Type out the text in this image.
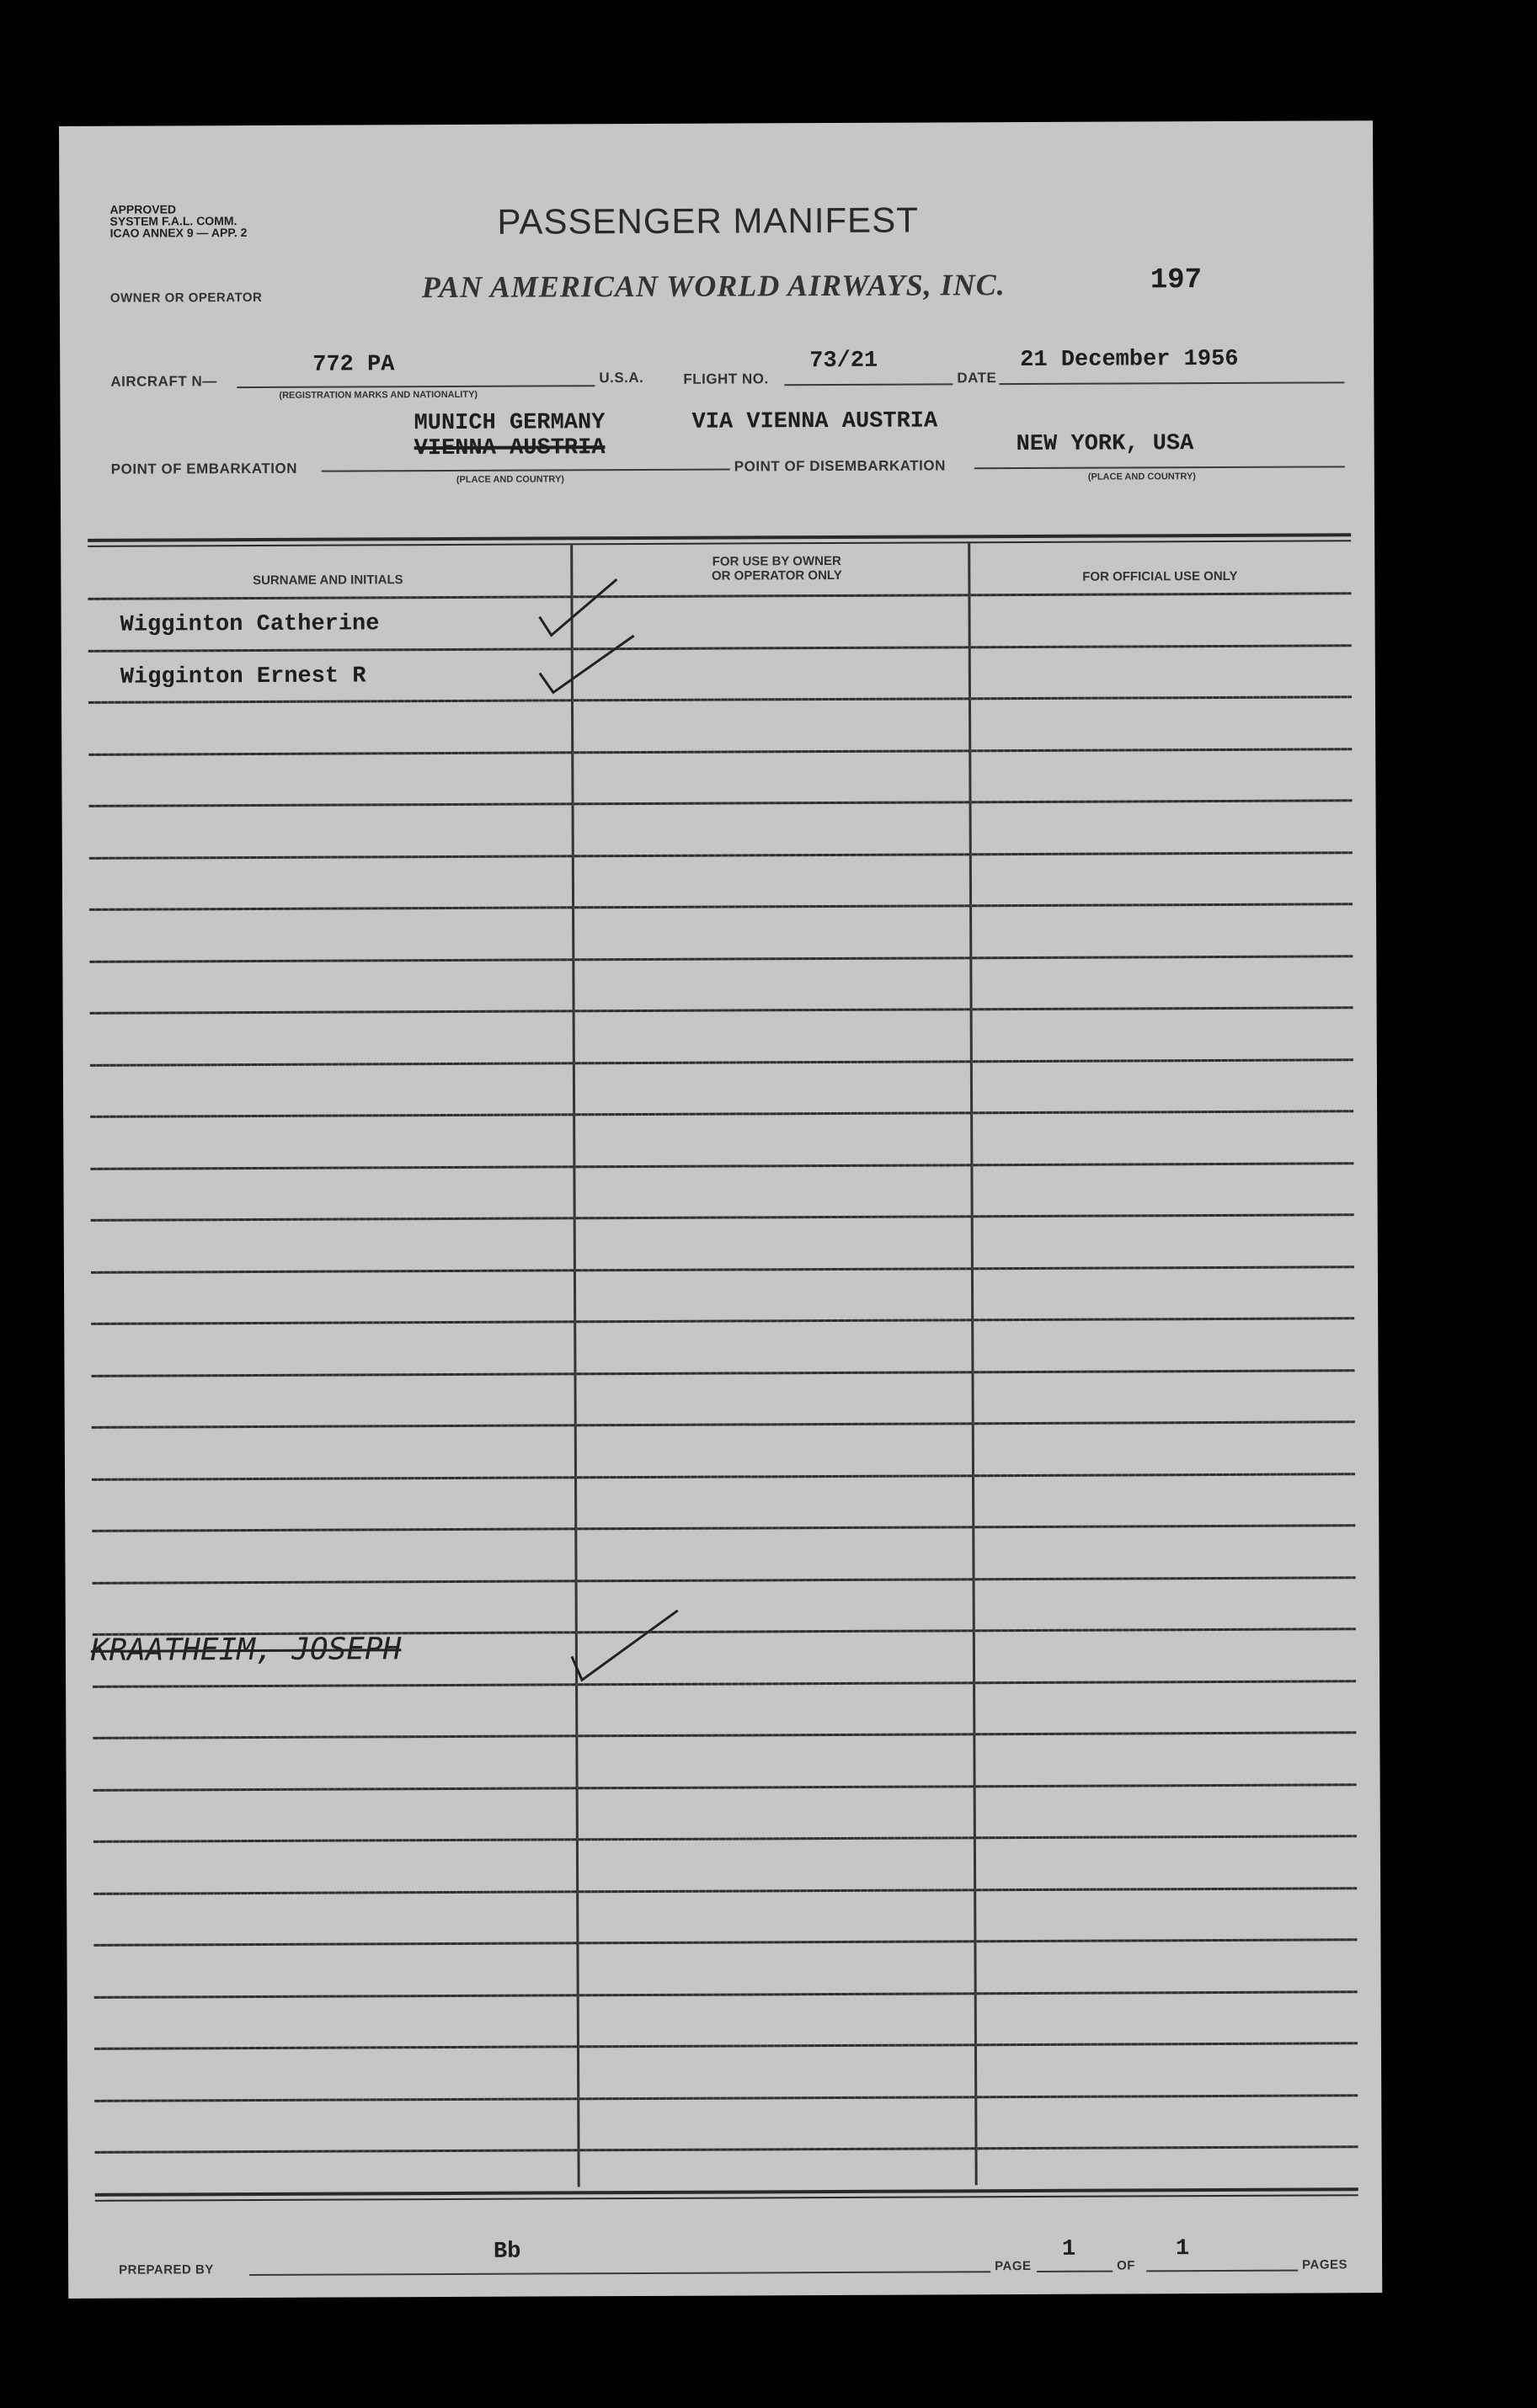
APPROVED
SYSTEM F.A.L. COMM.
ICAO ANNEX 9 — APP. 2	PASSENGER MANIFEST
OWNER OR OPERATOR	PAN AMERICAN WORLD AIRWAYS, INC.	197
AIRCRAFT N—
772 PA
(REGISTRATION MARKS AND NATIONALITY)
U.S.A.	FLIGHT NO.
73/21
DATE
21 December 1956
MUNICH GERMANY
VIENNA AUSTRIA
VIA VIENNA AUSTRIA
POINT OF EMBARKATION
(PLACE AND COUNTRY)
POINT OF DISEMBARKATION
NEW YORK, USA
(PLACE AND COUNTRY)
SURNAME AND INITIALS
FOR USE BY OWNER
OR OPERATOR ONLY	FOR OFFICIAL USE ONLY
Wigginton Catherine
Wigginton Ernest R
KRAATHEIM, JOSEPH
PREPARED BY
Bb
PAGE
1
OF
1
PAGES
